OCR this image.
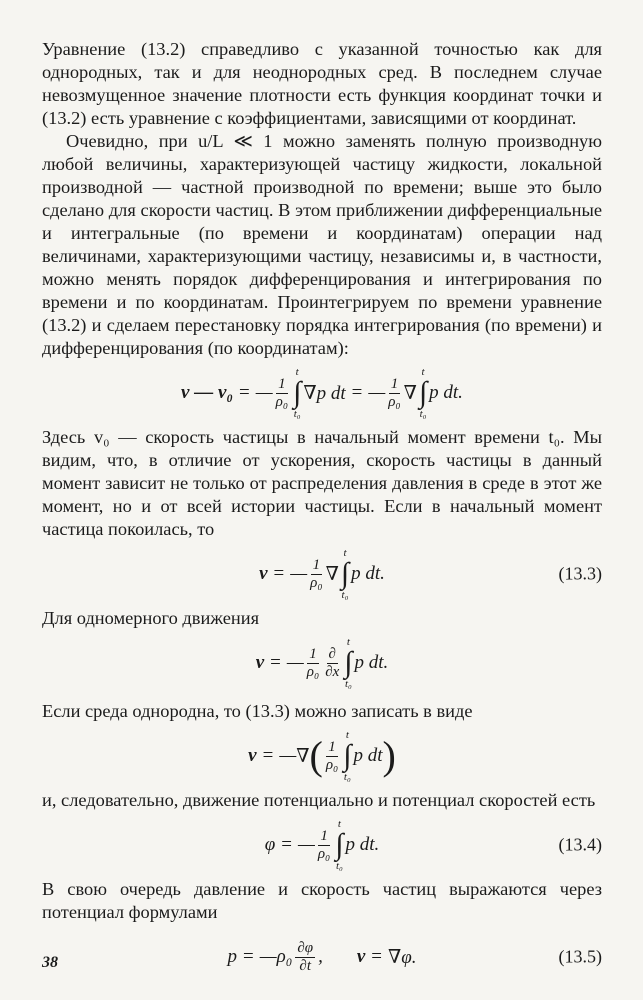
Уравнение (13.2) справедливо с указанной точностью как для однородных, так и для неоднородных сред. В последнем случае невозмущенное значение плотности есть функция координат точки и (13.2) есть уравнение с коэффициентами, зависящими от координат.

Очевидно, при u/L ≪ 1 можно заменять полную производную любой величины, характеризующей частицу жидкости, локальной производной — частной производной по времени; выше это было сделано для скорости частиц. В этом приближении дифференциальные и интегральные (по времени и координатам) операции над величинами, характеризующими частицу, независимы и, в частности, можно менять порядок дифференцирования и интегрирования по времени и по координатам. Проинтегрируем по времени уравнение (13.2) и сделаем перестановку порядка интегрирования (по времени) и дифференцирования (по координатам):

v — v₀ = — $\frac{1}{\text{ρ₀}}$
t
∫
t₀
∇p dt = — $\frac{1}{\text{ρ₀}}$ ∇
t
∫
t₀
p dt.

Здесь v₀ — скорость частицы в начальный момент времени t₀. Мы видим, что, в отличие от ускорения, скорость частицы в данный момент зависит не только от распределения давления в среде в этот же момент, но и от всей истории частицы. Если в начальный момент частица покоилась, то

v = — $\frac{1}{\text{ρ₀}}$ ∇
t
∫
t₀
p dt.	(13.3)

Для одномерного движения

v = — $\frac{1}{\text{ρ₀}} \frac{\partial}{\partial x}$
t
∫
t₀
p dt.

Если среда однородна, то (13.3) можно записать в виде

v = — ∇ ( $\frac{1}{\text{ρ₀}}$
t
∫
t₀
p dt )

и, следовательно, движение потенциально и потенциал скоростей есть

φ = — $\frac{1}{\text{ρ₀}}$
t
∫
t₀
p dt.	(13.4)

В свою очередь давление и скорость частиц выражаются через потенциал формулами

p = —ρ₀ $\frac{\partial\varphi}{\partial t}$ , v = ∇φ.	(13.5)
38
